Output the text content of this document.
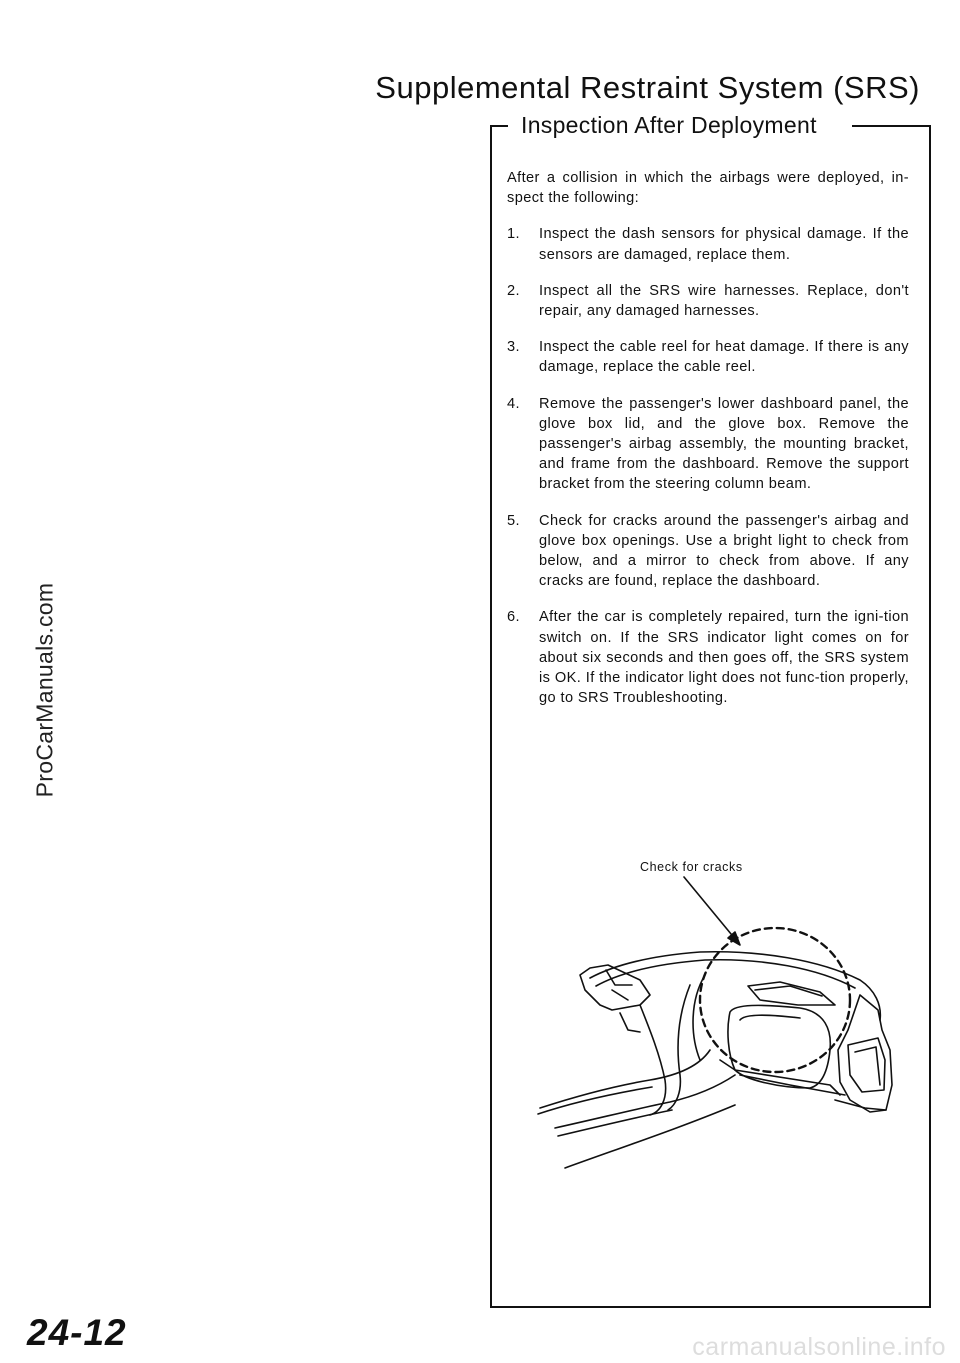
Supplemental Restraint System (SRS)
ProCarManuals.com
Inspection After Deployment

After a collision in which the airbags were deployed, in-spect the following:

1.	Inspect the dash sensors for physical damage. If the sensors are damaged, replace them.
2.	Inspect all the SRS wire harnesses. Replace, don't repair, any damaged harnesses.
3.	Inspect the cable reel for heat damage. If there is any damage, replace the cable reel.
4.	Remove the passenger's lower dashboard panel, the glove box lid, and the glove box. Remove the passenger's airbag assembly, the mounting bracket, and frame from the dashboard. Remove the support bracket from the steering column beam.
5.	Check for cracks around the passenger's airbag and glove box openings. Use a bright light to check from below, and a mirror to check from above. If any cracks are found, replace the dashboard.
6.	After the car is completely repaired, turn the igni-tion switch on. If the SRS indicator light comes on for about six seconds and then goes off, the SRS system is OK. If the indicator light does not func-tion properly, go to SRS Troubleshooting.
Check for cracks
24-12	carmanualsonline.info
